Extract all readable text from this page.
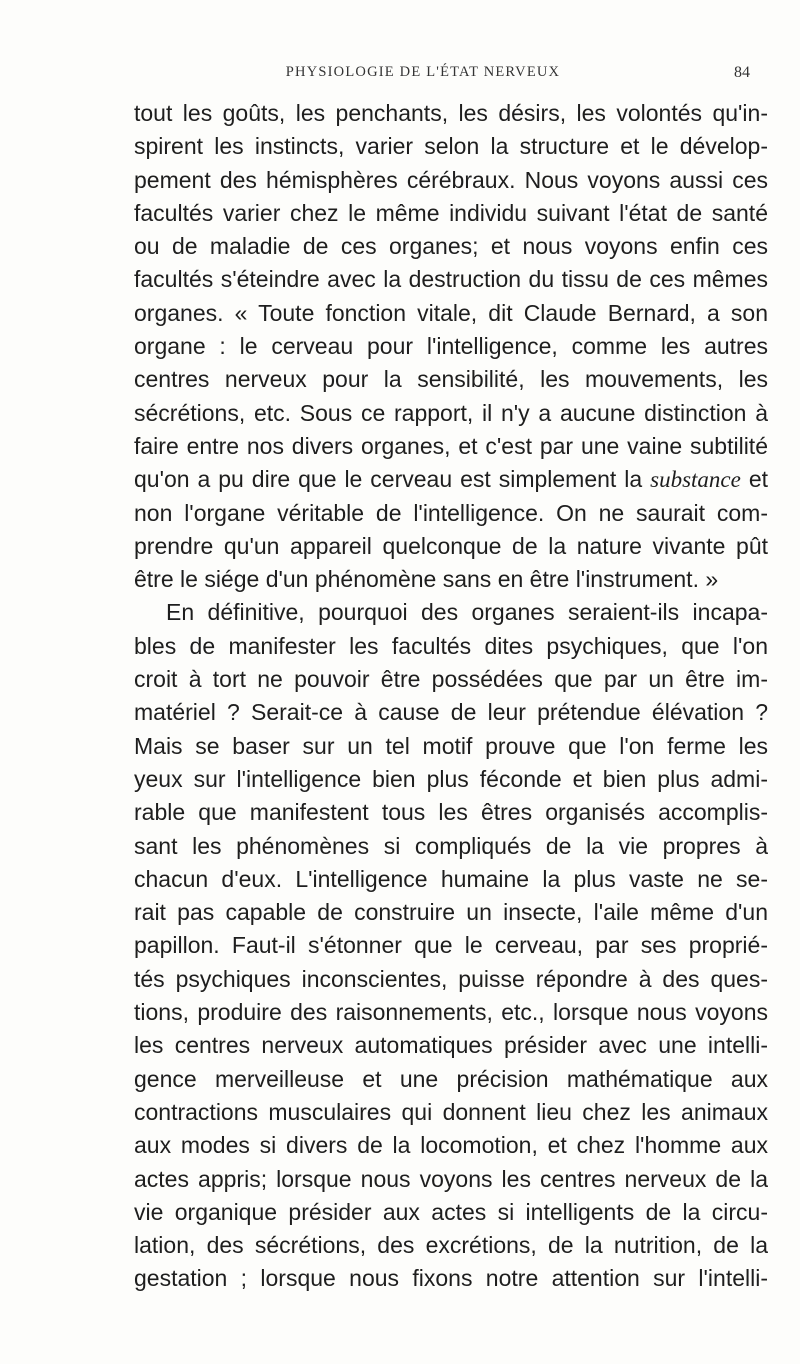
PHYSIOLOGIE DE L'ÉTAT NERVEUX	84
tout les goûts, les penchants, les désirs, les volontés qu'in-
spirent les instincts, varier selon la structure et le dévelop-
pement des hémisphères cérébraux. Nous voyons aussi ces
facultés varier chez le même individu suivant l'état de santé
ou de maladie de ces organes; et nous voyons enfin ces
facultés s'éteindre avec la destruction du tissu de ces mêmes
organes. « Toute fonction vitale, dit Claude Bernard, a son
organe : le cerveau pour l'intelligence, comme les autres
centres nerveux pour la sensibilité, les mouvements, les
sécrétions, etc. Sous ce rapport, il n'y a aucune distinction à
faire entre nos divers organes, et c'est par une vaine subtilité
qu'on a pu dire que le cerveau est simplement la substance et
non l'organe véritable de l'intelligence. On ne saurait com-
prendre qu'un appareil quelconque de la nature vivante pût
être le siége d'un phénomène sans en être l'instrument. »
En définitive, pourquoi des organes seraient-ils incapa-
bles de manifester les facultés dites psychiques, que l'on
croit à tort ne pouvoir être possédées que par un être im-
matériel ? Serait-ce à cause de leur prétendue élévation ?
Mais se baser sur un tel motif prouve que l'on ferme les
yeux sur l'intelligence bien plus féconde et bien plus admi-
rable que manifestent tous les êtres organisés accomplis-
sant les phénomènes si compliqués de la vie propres à
chacun d'eux. L'intelligence humaine la plus vaste ne se-
rait pas capable de construire un insecte, l'aile même d'un
papillon. Faut-il s'étonner que le cerveau, par ses proprié-
tés psychiques inconscientes, puisse répondre à des ques-
tions, produire des raisonnements, etc., lorsque nous voyons
les centres nerveux automatiques présider avec une intelli-
gence merveilleuse et une précision mathématique aux
contractions musculaires qui donnent lieu chez les animaux
aux modes si divers de la locomotion, et chez l'homme aux
actes appris; lorsque nous voyons les centres nerveux de la
vie organique présider aux actes si intelligents de la circu-
lation, des sécrétions, des excrétions, de la nutrition, de la
gestation ; lorsque nous fixons notre attention sur l'intelli-
